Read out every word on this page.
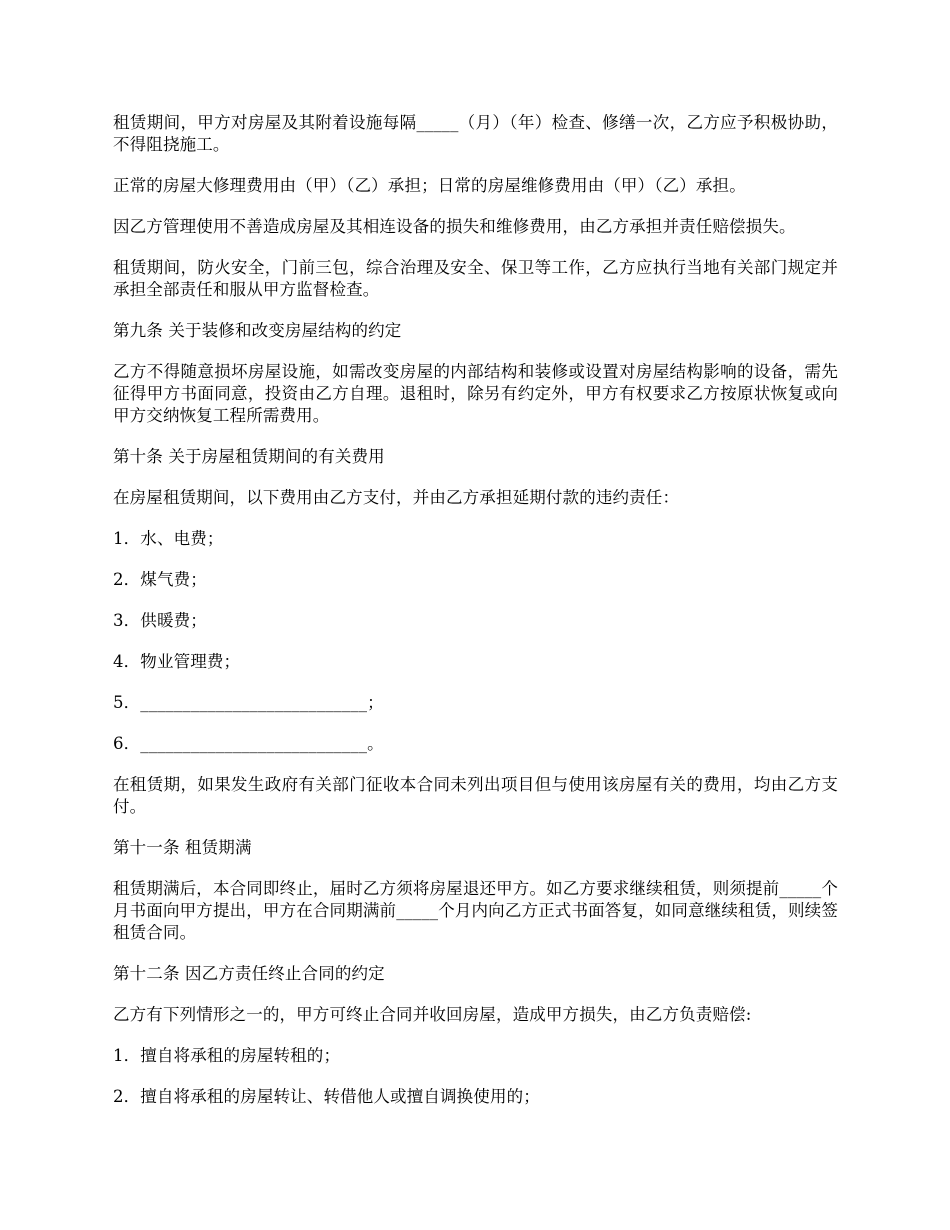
租赁期间，甲方对房屋及其附着设施每隔_____（月）（年）检查、修缮一次，乙方应予积极协助，不得阻挠施工。

正常的房屋大修理费用由（甲）（乙）承担；日常的房屋维修费用由（甲）（乙）承担。

因乙方管理使用不善造成房屋及其相连设备的损失和维修费用，由乙方承担并责任赔偿损失。

租赁期间，防火安全，门前三包，综合治理及安全、保卫等工作，乙方应执行当地有关部门规定并承担全部责任和服从甲方监督检查。

第九条 关于装修和改变房屋结构的约定

乙方不得随意损坏房屋设施，如需改变房屋的内部结构和装修或设置对房屋结构影响的设备，需先征得甲方书面同意，投资由乙方自理。退租时，除另有约定外，甲方有权要求乙方按原状恢复或向甲方交纳恢复工程所需费用。

第十条 关于房屋租赁期间的有关费用

在房屋租赁期间，以下费用由乙方支付，并由乙方承担延期付款的违约责任：

1．水、电费；

2．煤气费；

3．供暖费；

4．物业管理费；

5．___________________________；

6．___________________________。

在租赁期，如果发生政府有关部门征收本合同未列出项目但与使用该房屋有关的费用，均由乙方支付。

第十一条 租赁期满

租赁期满后，本合同即终止，届时乙方须将房屋退还甲方。如乙方要求继续租赁，则须提前_____个月书面向甲方提出，甲方在合同期满前_____个月内向乙方正式书面答复，如同意继续租赁，则续签租赁合同。

第十二条 因乙方责任终止合同的约定

乙方有下列情形之一的，甲方可终止合同并收回房屋，造成甲方损失，由乙方负责赔偿:

1．擅自将承租的房屋转租的；

2．擅自将承租的房屋转让、转借他人或擅自调换使用的；
